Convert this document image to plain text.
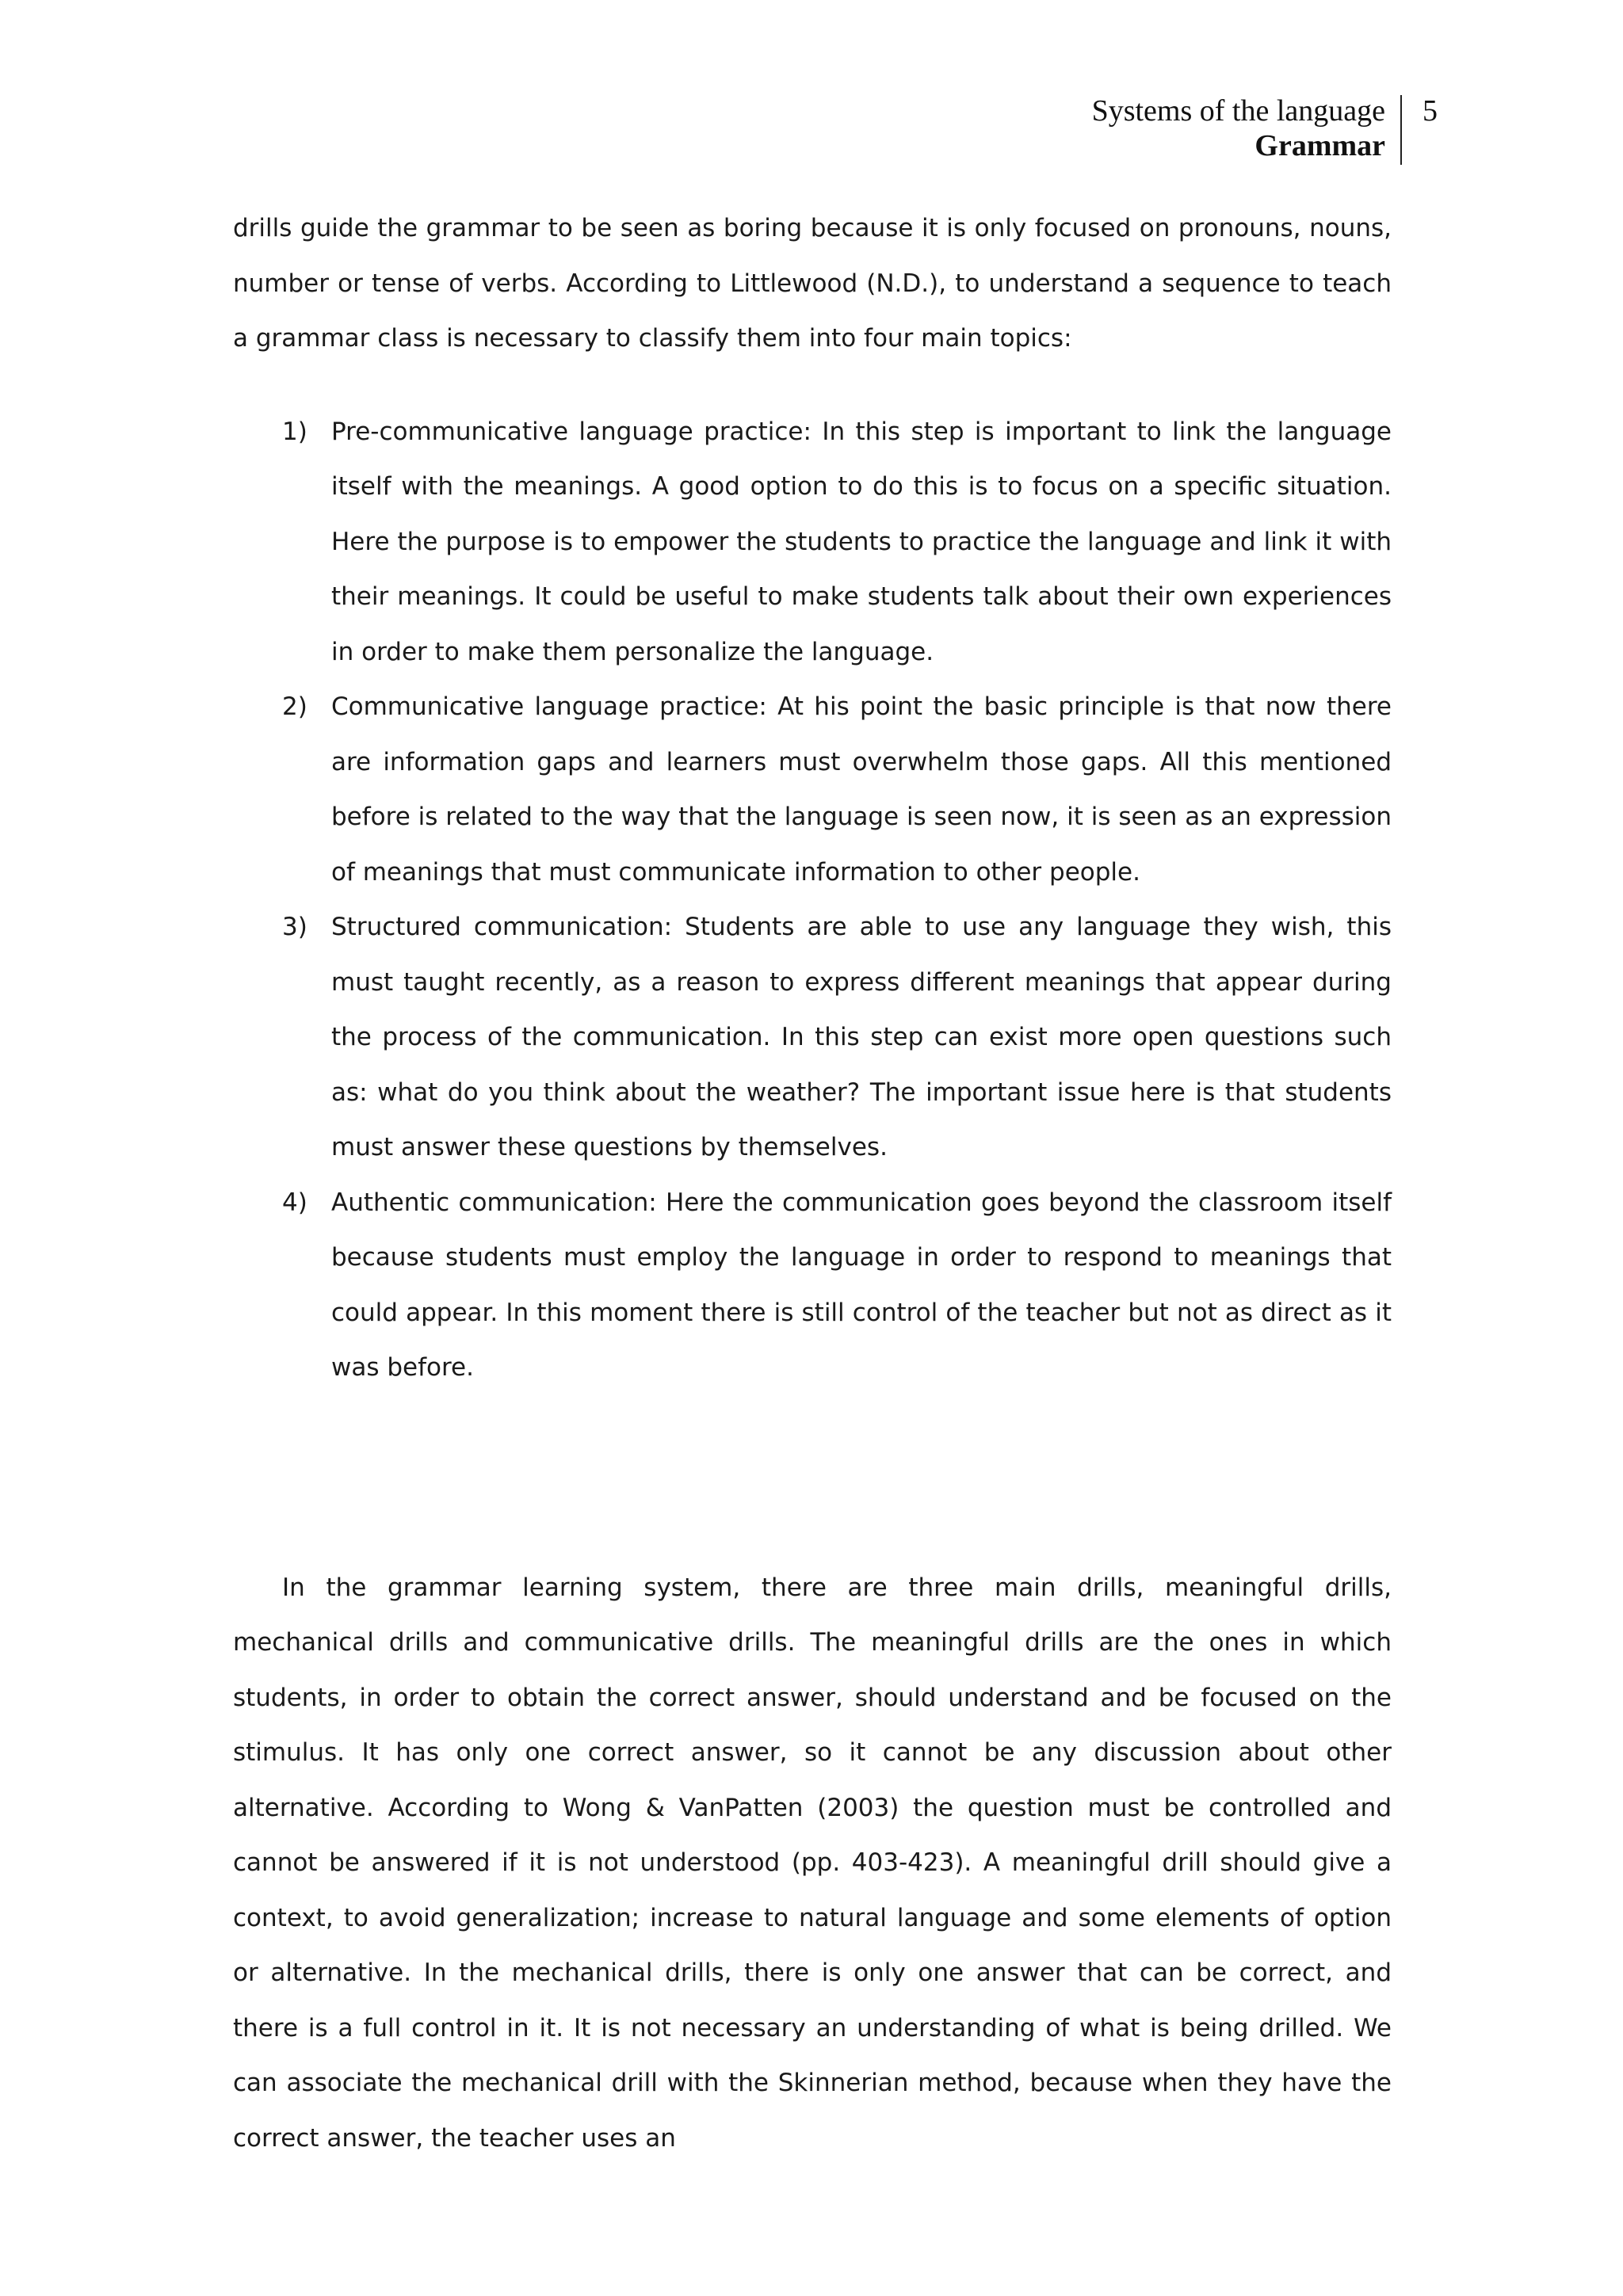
Systems of the language
Grammar
5

drills guide the grammar to be seen as boring because it is only focused on pronouns, nouns, number or tense of verbs. According to Littlewood (N.D.), to understand a sequence to teach a grammar class is necessary to classify them into four main topics:

1) Pre-communicative language practice: In this step is important to link the language itself with the meanings. A good option to do this is to focus on a specific situation. Here the purpose is to empower the students to practice the language and link it with their meanings. It could be useful to make students talk about their own experiences in order to make them personalize the language.
2) Communicative language practice: At his point the basic principle is that now there are information gaps and learners must overwhelm those gaps. All this mentioned before is related to the way that the language is seen now, it is seen as an expression of meanings that must communicate information to other people.
3) Structured communication: Students are able to use any language they wish, this must taught recently, as a reason to express different meanings that appear during the process of the communication. In this step can exist more open questions such as: what do you think about the weather? The important issue here is that students must answer these questions by themselves.
4) Authentic communication: Here the communication goes beyond the classroom itself because students must employ the language in order to respond to meanings that could appear. In this moment there is still control of the teacher but not as direct as it was before.

In the grammar learning system, there are three main drills, meaningful drills, mechanical drills and communicative drills. The meaningful drills are the ones in which students, in order to obtain the correct answer, should understand and be focused on the stimulus. It has only one correct answer, so it cannot be any discussion about other alternative. According to Wong & VanPatten (2003) the question must be controlled and cannot be answered if it is not understood (pp. 403-423). A meaningful drill should give a context, to avoid generalization; increase to natural language and some elements of option or alternative. In the mechanical drills, there is only one answer that can be correct, and there is a full control in it. It is not necessary an understanding of what is being drilled. We can associate the mechanical drill with the Skinnerian method, because when they have the correct answer, the teacher uses an
